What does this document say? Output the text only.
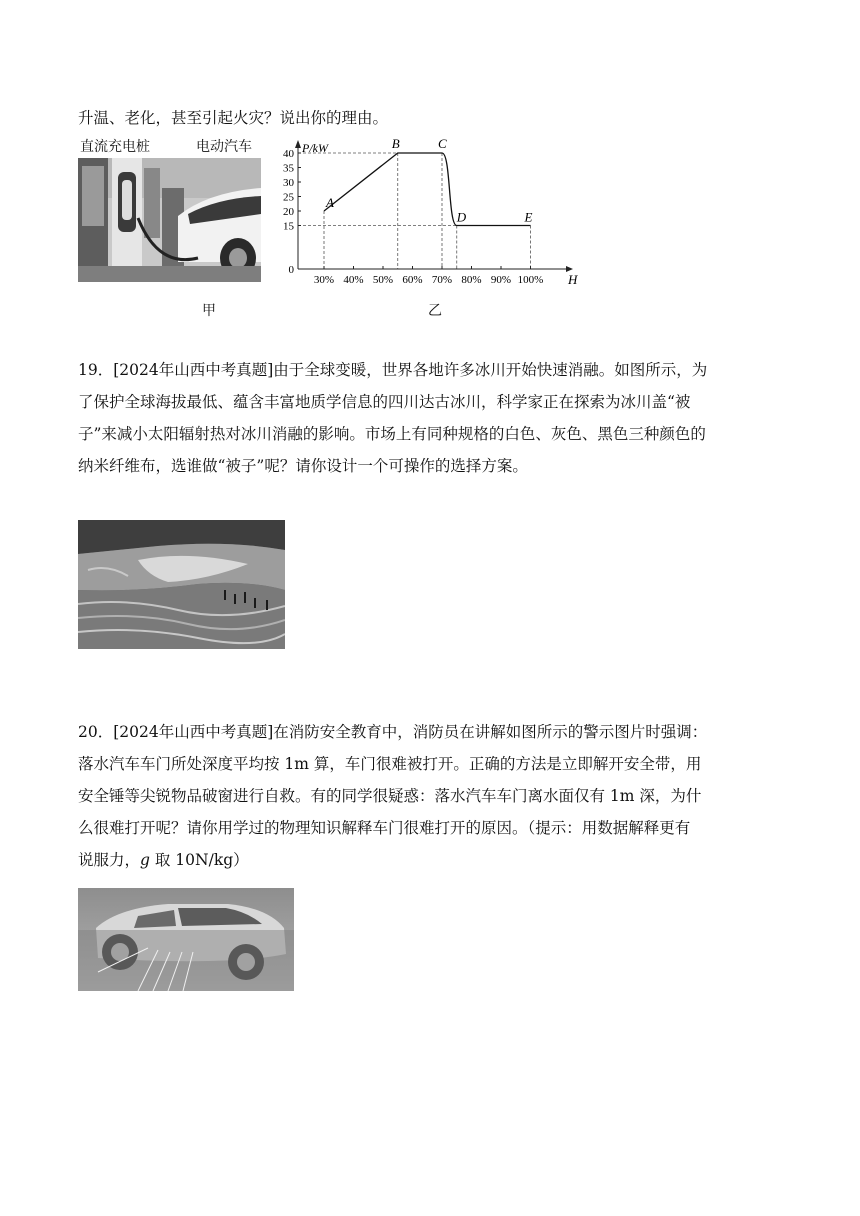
升温、老化，甚至引起火灾？说出你的理由。
直流充电桩	电动汽车
甲
0
15
20
25
30
35
40
30% 40% 50% 60% 70% 80% 90% 100%
P/kW
H
A
B	C
D	E
乙
19．[2024年山西中考真题]由于全球变暖，世界各地许多冰川开始快速消融。如图所示，为
了保护全球海拔最低、蕴含丰富地质学信息的四川达古冰川，科学家正在探索为冰川盖“被
子”来减小太阳辐射热对冰川消融的影响。市场上有同种规格的白色、灰色、黑色三种颜色的
纳米纤维布，选谁做“被子”呢？请你设计一个可操作的选择方案。
20．[2024年山西中考真题]在消防安全教育中，消防员在讲解如图所示的警示图片时强调：
落水汽车车门所处深度平均按 1m 算，车门很难被打开。正确的方法是立即解开安全带，用
安全锤等尖锐物品破窗进行自救。有的同学很疑惑：落水汽车车门离水面仅有 1m 深，为什
么很难打开呢？请你用学过的物理知识解释车门很难打开的原因。（提示：用数据解释更有
说服力，g 取 10N/kg）
